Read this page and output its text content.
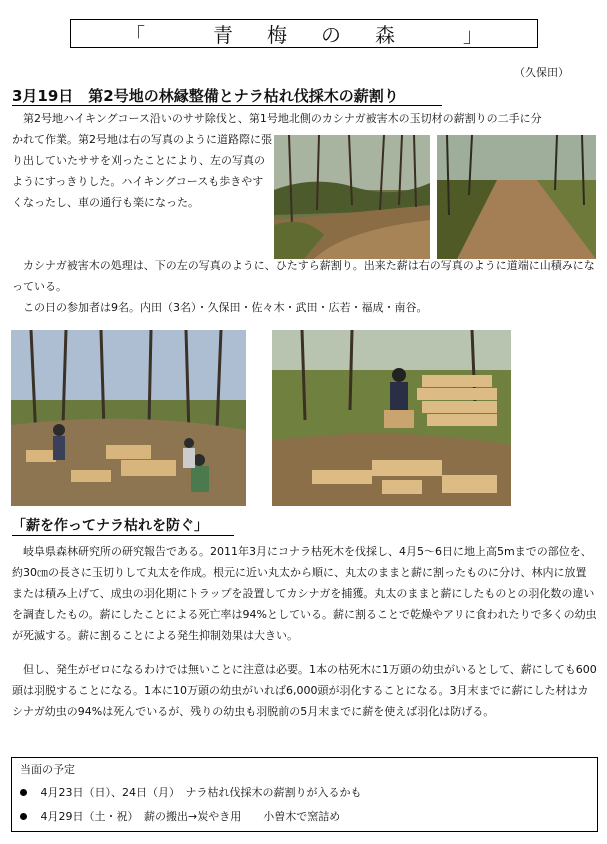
「	青梅の森	」
（久保田）
3月19日　第2号地の林縁整備とナラ枯れ伐採木の薪割り
第2号地ハイキングコース沿いのササ除伐と、第1号地北側のカシナガ被害木の玉切材の薪割りの二手に分
かれて作業。第2号地は右の写真のように道路際に張り出していたササを刈ったことにより、左の写真のようにすっきりした。ハイキングコースも歩きやすくなったし、車の通行も楽になった。
カシナガ被害木の処理は、下の左の写真のように、ひたすら薪割り。出来た薪は右の写真のように道端に山積みになっている。
この日の参加者は9名。内田（3名）・久保田・佐々木・武田・広若・福成・南谷。
「薪を作ってナラ枯れを防ぐ」
岐阜県森林研究所の研究報告である。2011年3月にコナラ枯死木を伐採し、4月5～6日に地上高5mまでの部位を、約30㎝の長さに玉切りして丸太を作成。根元に近い丸太から順に、丸太のままと薪に割ったものに分け、林内に放置または積み上げて、成虫の羽化期にトラップを設置してカシナガを捕獲。丸太のままと薪にしたものとの羽化数の違いを調査したもの。薪にしたことによる死亡率は94%としている。薪に割ることで乾燥やアリに食われたりで多くの幼虫が死滅する。薪に割ることによる発生抑制効果は大きい。
但し、発生がゼロになるわけでは無いことに注意は必要。1本の枯死木に1万頭の幼虫がいるとして、薪にしても600頭は羽脱することになる。1本に10万頭の幼虫がいれば6,000頭が羽化することになる。3月末までに薪にした材はカシナガ幼虫の94%は死んでいるが、残りの幼虫も羽脱前の5月末までに薪を使えば羽化は防げる。
当面の予定
4月23日（日）、24日（月）　ナラ枯れ伐採木の薪割りが入るかも
4月29日（土・祝）　薪の搬出→炭やき用　　小曽木で窯詰め
